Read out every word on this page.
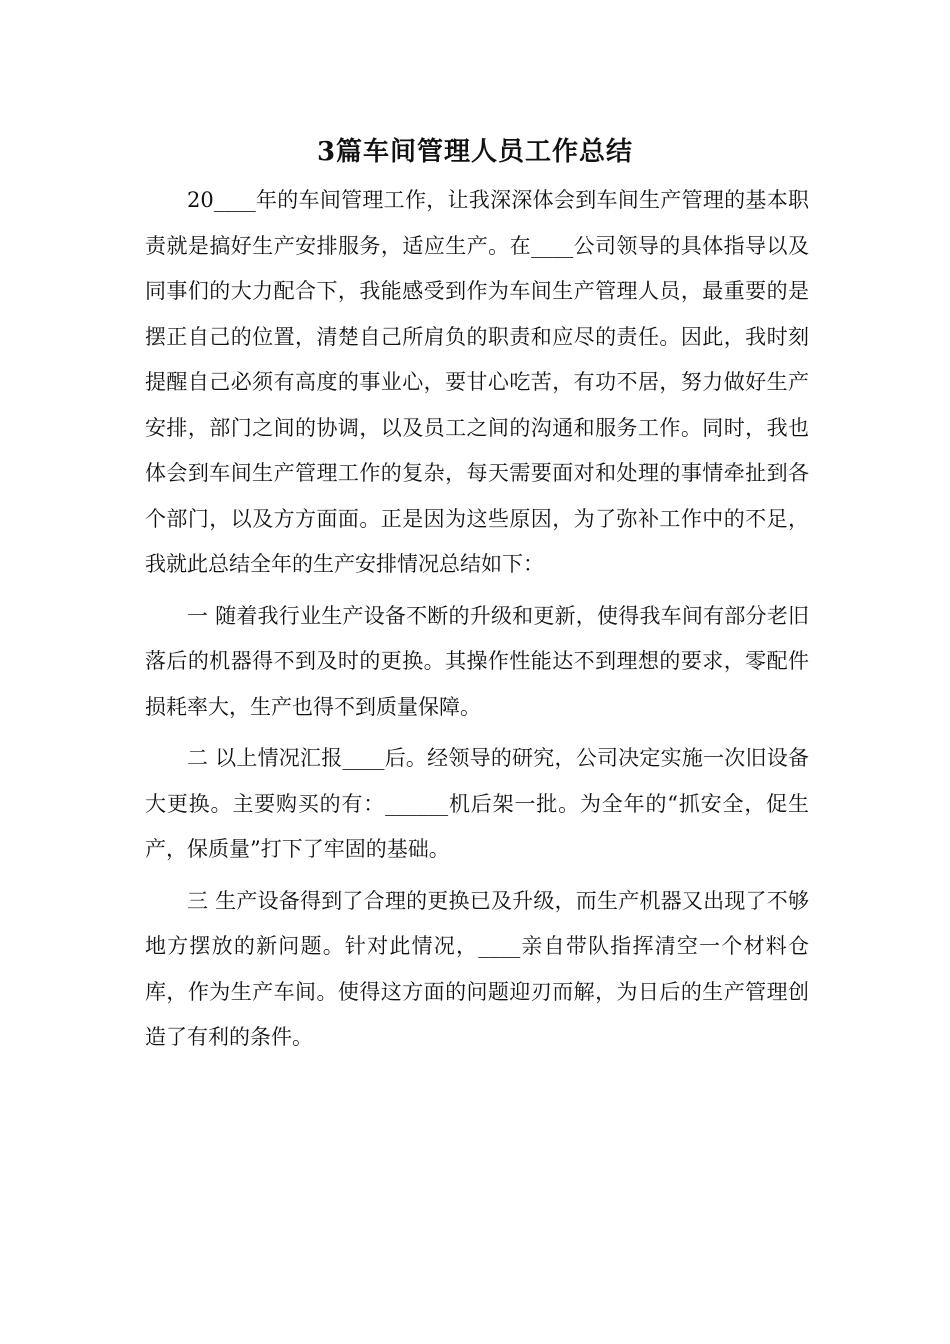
3篇车间管理人员工作总结

20____年的车间管理工作，让我深深体会到车间生产管理的基本职责就是搞好生产安排服务，适应生产。在____公司领导的具体指导以及同事们的大力配合下，我能感受到作为车间生产管理人员，最重要的是摆正自己的位置，清楚自己所肩负的职责和应尽的责任。因此，我时刻提醒自己必须有高度的事业心，要甘心吃苦，有功不居，努力做好生产安排，部门之间的协调，以及员工之间的沟通和服务工作。同时，我也体会到车间生产管理工作的复杂，每天需要面对和处理的事情牵扯到各个部门，以及方方面面。正是因为这些原因，为了弥补工作中的不足，我就此总结全年的生产安排情况总结如下：

一 随着我行业生产设备不断的升级和更新，使得我车间有部分老旧落后的机器得不到及时的更换。其操作性能达不到理想的要求，零配件损耗率大，生产也得不到质量保障。

二 以上情况汇报____后。经领导的研究，公司决定实施一次旧设备大更换。主要购买的有：______机后架一批。为全年的“抓安全，促生产，保质量”打下了牢固的基础。

三 生产设备得到了合理的更换已及升级，而生产机器又出现了不够地方摆放的新问题。针对此情况，____亲自带队指挥清空一个材料仓库，作为生产车间。使得这方面的问题迎刃而解，为日后的生产管理创造了有利的条件。
